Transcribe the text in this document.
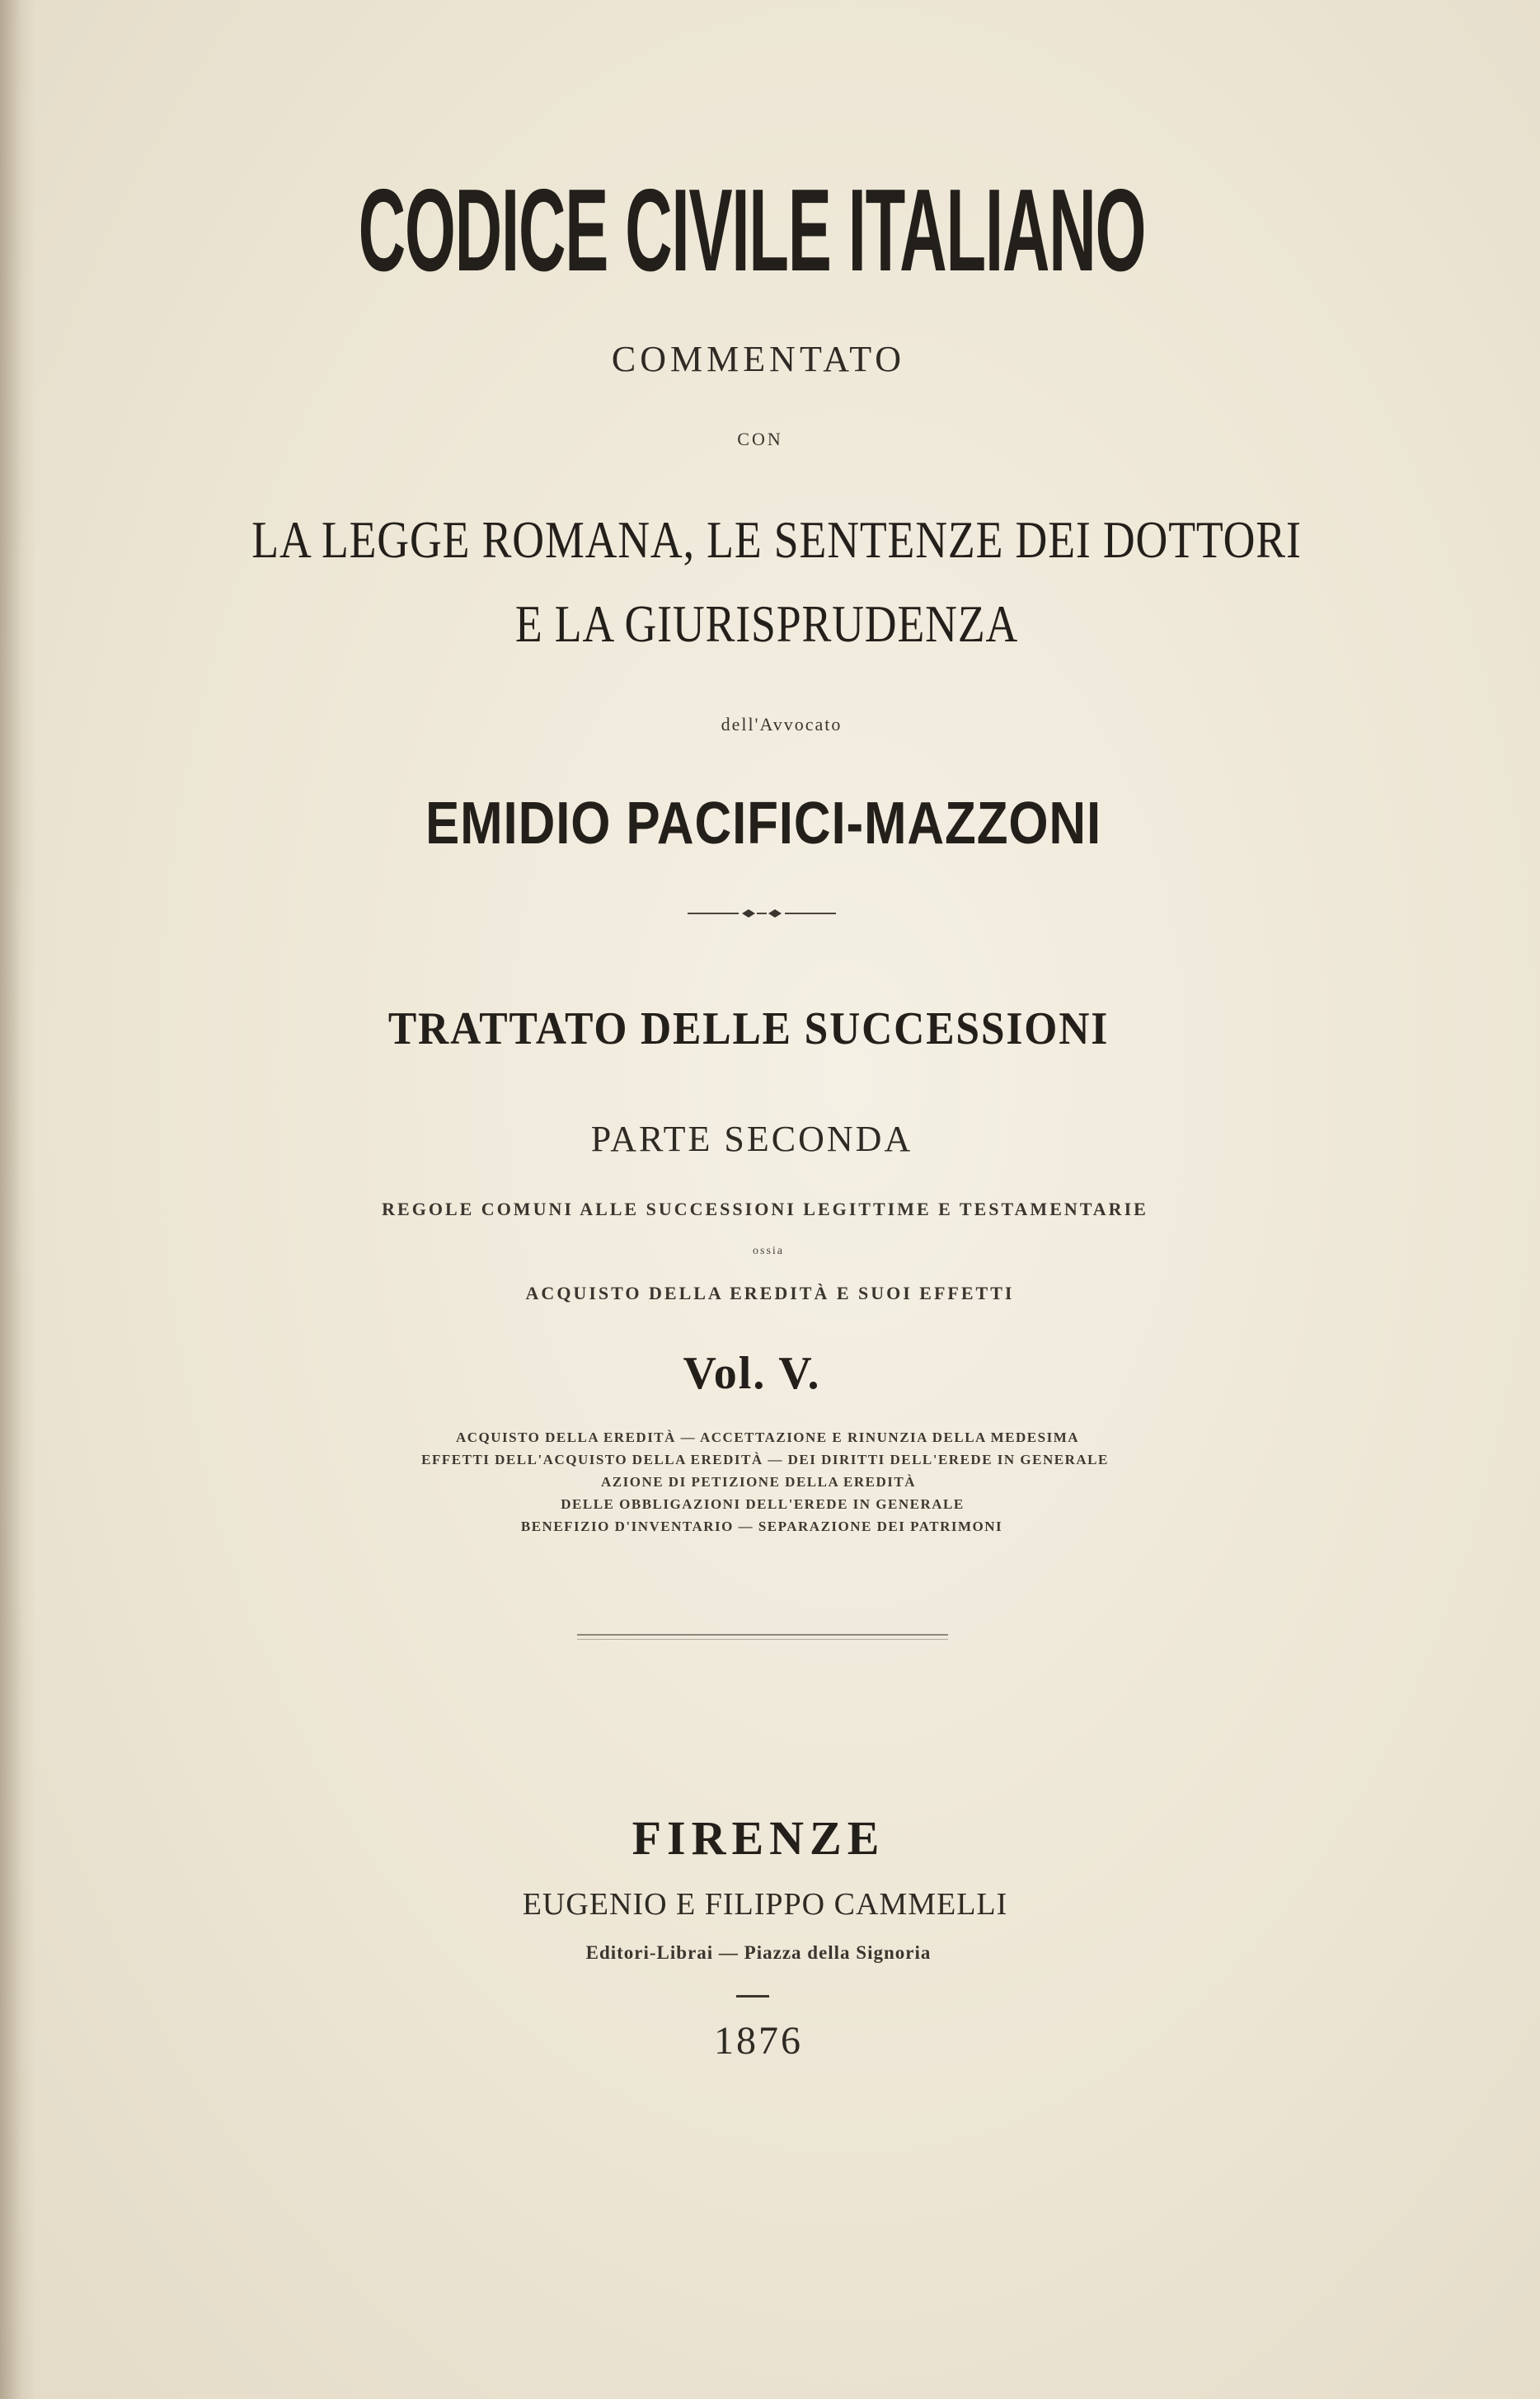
CODICE CIVILE ITALIANO

COMMENTATO

CON

LA LEGGE ROMANA, LE SENTENZE DEI DOTTORI

E LA GIURISPRUDENZA

dell'Avvocato

EMIDIO PACIFICI-MAZZONI
TRATTATO DELLE SUCCESSIONI

PARTE SECONDA

REGOLE COMUNI ALLE SUCCESSIONI LEGITTIME E TESTAMENTARIE

ossia

ACQUISTO DELLA EREDITÀ E SUOI EFFETTI

Vol. V.

ACQUISTO DELLA EREDITÀ — ACCETTAZIONE E RINUNZIA DELLA MEDESIMA
EFFETTI DELL'ACQUISTO DELLA EREDITÀ — DEI DIRITTI DELL'EREDE IN GENERALE
AZIONE DI PETIZIONE DELLA EREDITÀ
DELLE OBBLIGAZIONI DELL'EREDE IN GENERALE
BENEFIZIO D'INVENTARIO — SEPARAZIONE DEI PATRIMONI

FIRENZE

EUGENIO E FILIPPO CAMMELLI

Editori-Librai — Piazza della Signoria

1876
